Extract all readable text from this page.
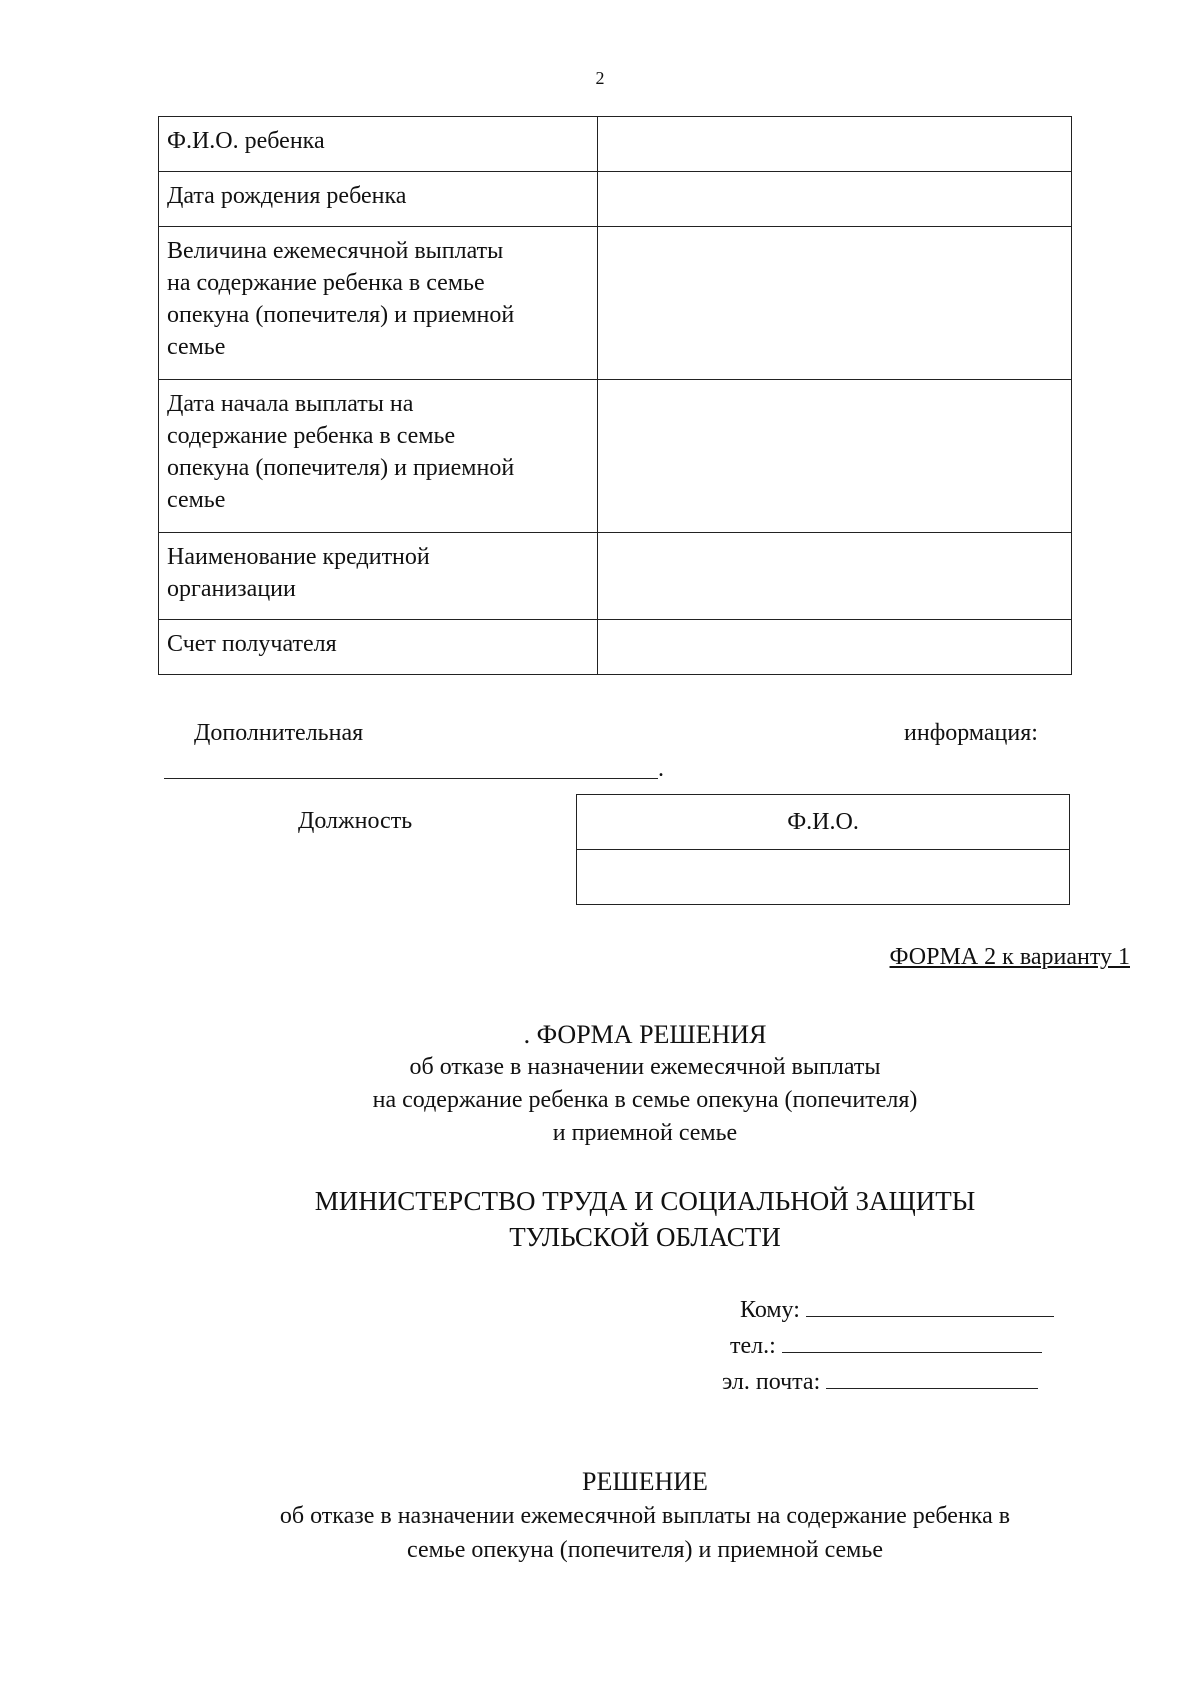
2
Ф.И.О. ребенка	
Дата рождения ребенка	

Величина ежемесячной выплаты
на содержание ребенка в семье
опекуна (попечителя) и приемной
семье	

Дата начала выплаты на
содержание ребенка в семье
опекуна (попечителя) и приемной
семье	

Наименование кредитной
организации	

Счет получателя	
Дополнительная	информация:
.
Должность	Ф.И.О.

ФОРМА 2 к варианту 1
. ФОРМА РЕШЕНИЯ
об отказе в назначении ежемесячной выплаты
на содержание ребенка в семье опекуна (попечителя)
и приемной семье
МИНИСТЕРСТВО ТРУДА И СОЦИАЛЬНОЙ ЗАЩИТЫ
ТУЛЬСКОЙ ОБЛАСТИ
Кому:
тел.:
эл. почта:
РЕШЕНИЕ
об отказе в назначении ежемесячной выплаты на содержание ребенка в
семье опекуна (попечителя) и приемной семье
